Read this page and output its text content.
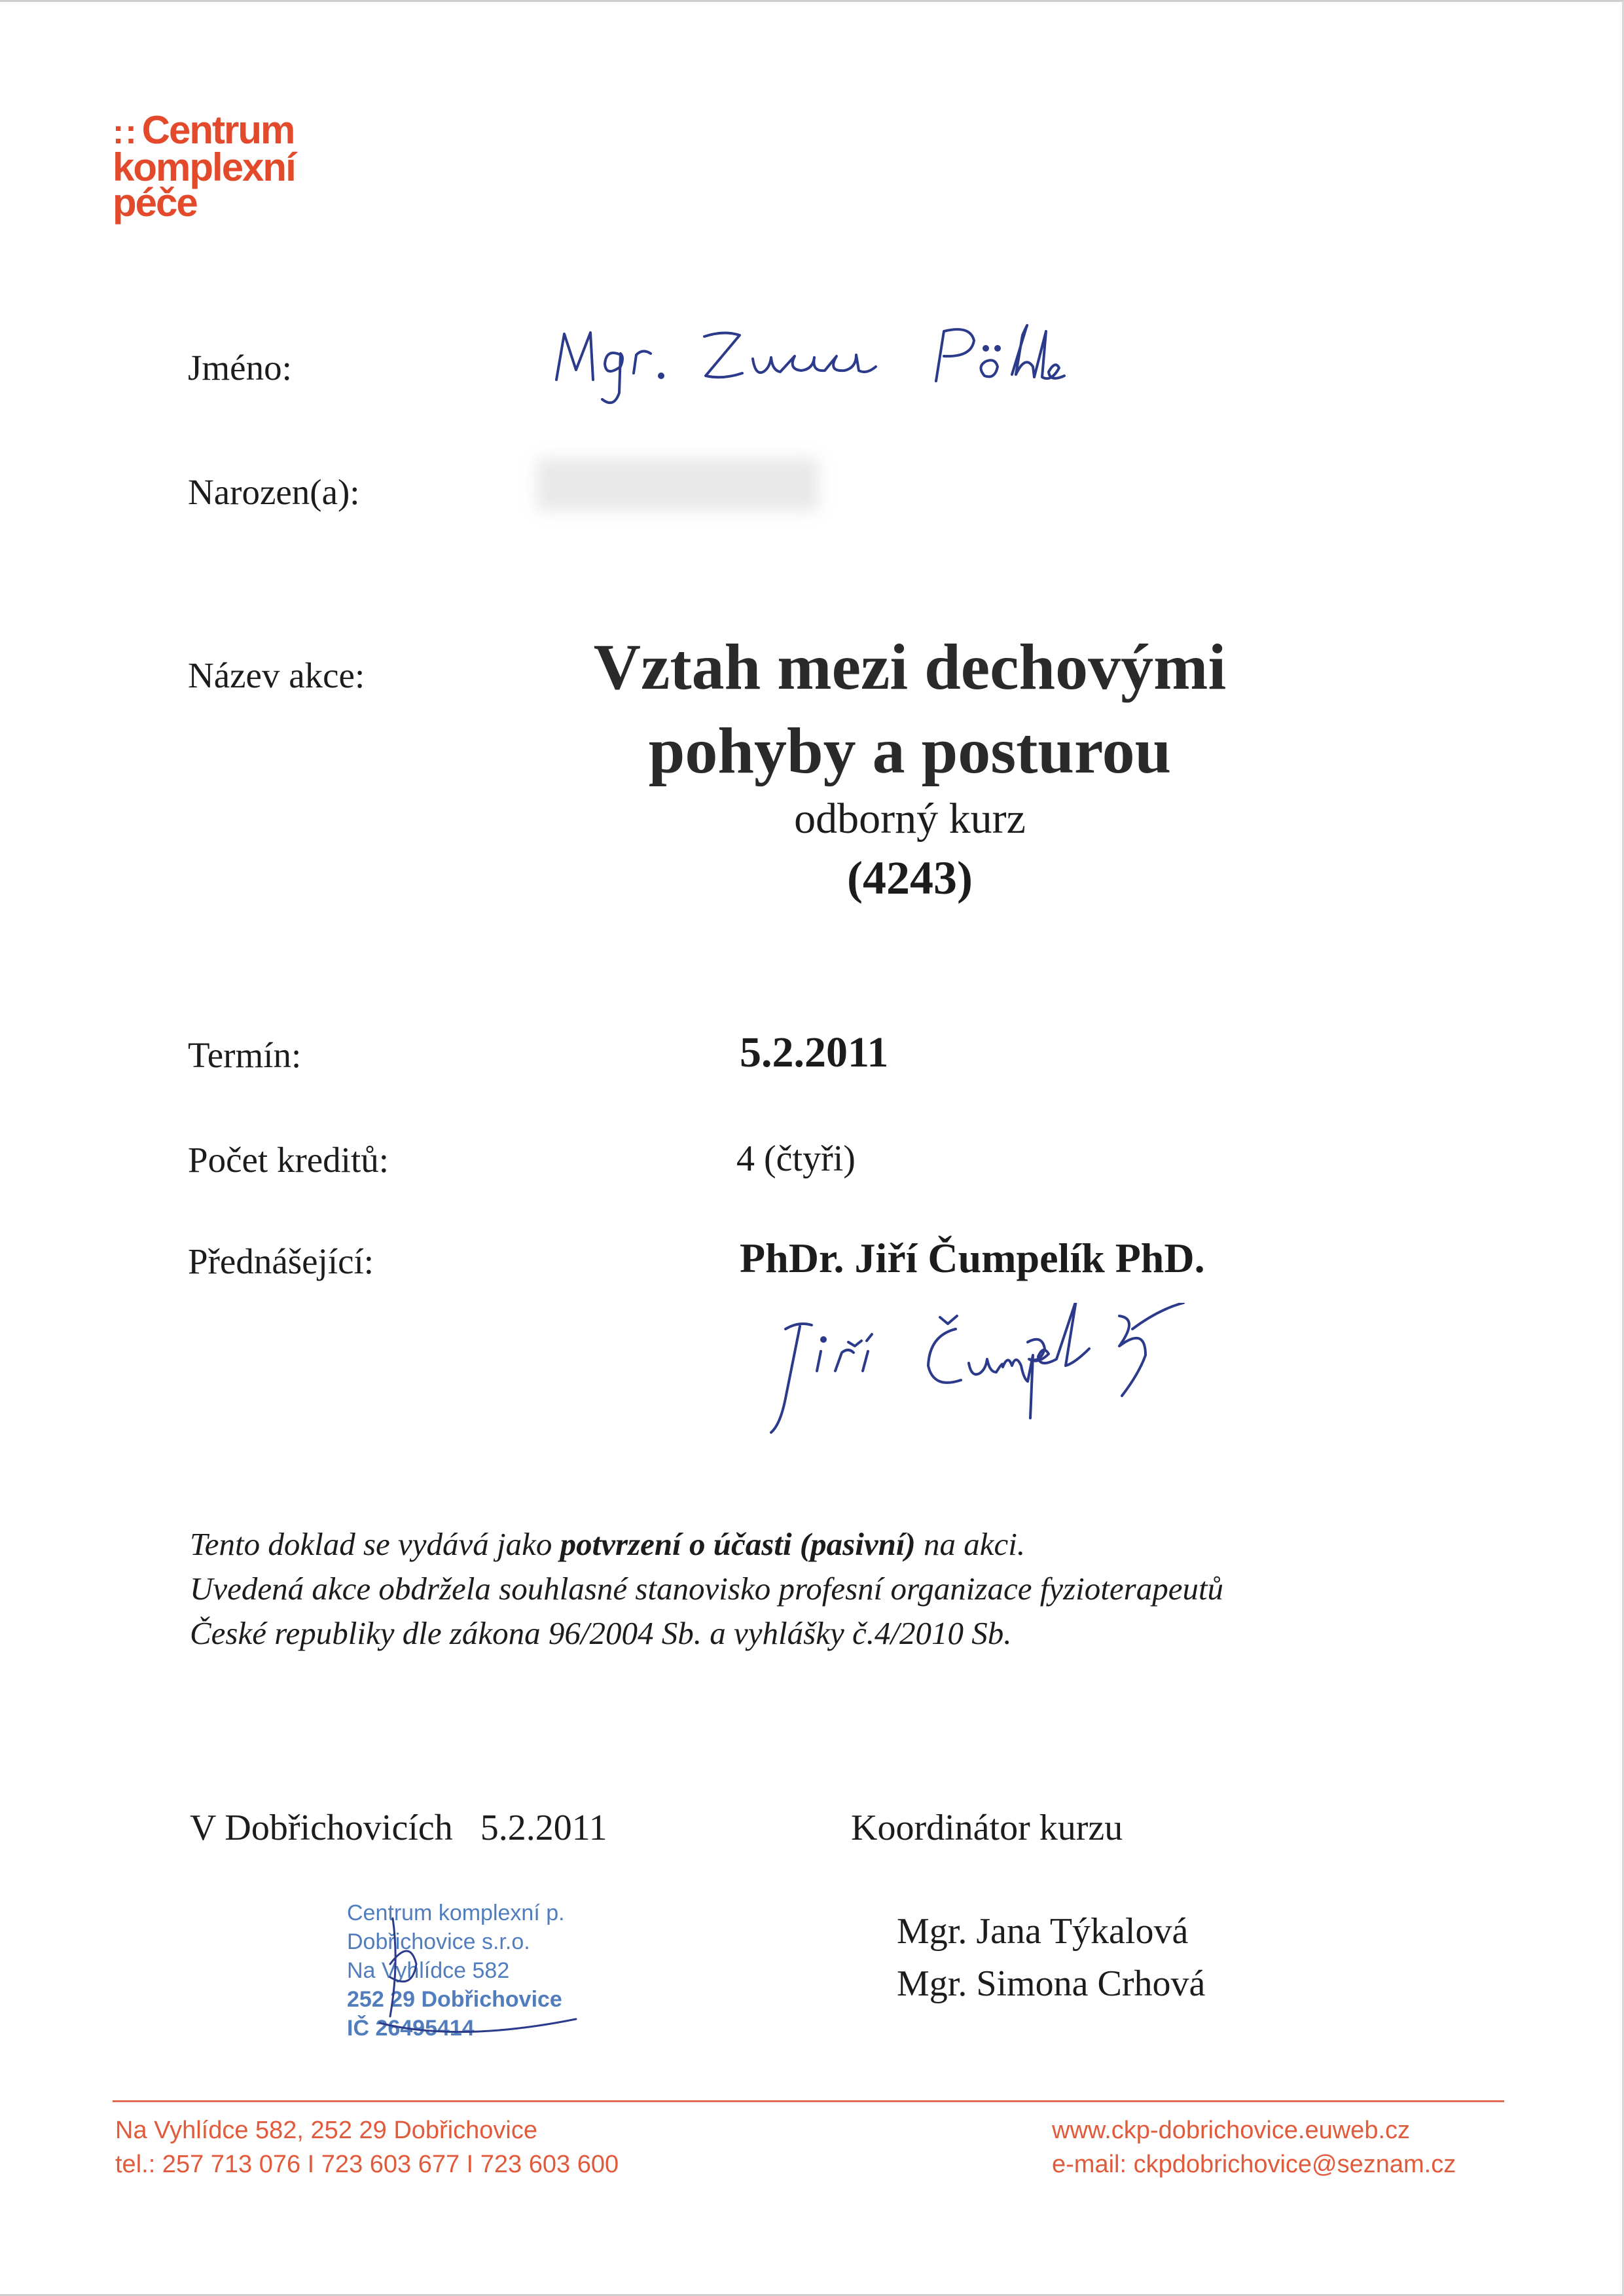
:: Centrum
komplexní
péče
Jméno:
Narozen(a):
Název akce:	Vztah mezi dechovými
pohyby a posturou
odborný kurz
(4243)
Termín:	5.2.2011
Počet kreditů:	4 (čtyři)
Přednášející:	PhDr. Jiří Čumpelík PhD.
Tento doklad se vydává jako potvrzení o účasti (pasivní) na akci.
Uvedená akce obdržela souhlasné stanovisko profesní organizace fyzioterapeutů
České republiky dle zákona 96/2004 Sb. a vyhlášky č.4/2010 Sb.
V Dobřichovicích   5.2.2011	Koordinátor kurzu
Mgr. Jana Týkalová
Mgr. Simona Crhová
Centrum komplexní p.
Dobřichovice s.r.o.
Na Vyhlídce 582
252 29 Dobřichovice
IČ 26495414
Na Vyhlídce 582, 252 29 Dobřichovice
tel.: 257 713 076 I 723 603 677 I 723 603 600
www.ckp-dobrichovice.euweb.cz
e-mail: ckpdobrichovice@seznam.cz
